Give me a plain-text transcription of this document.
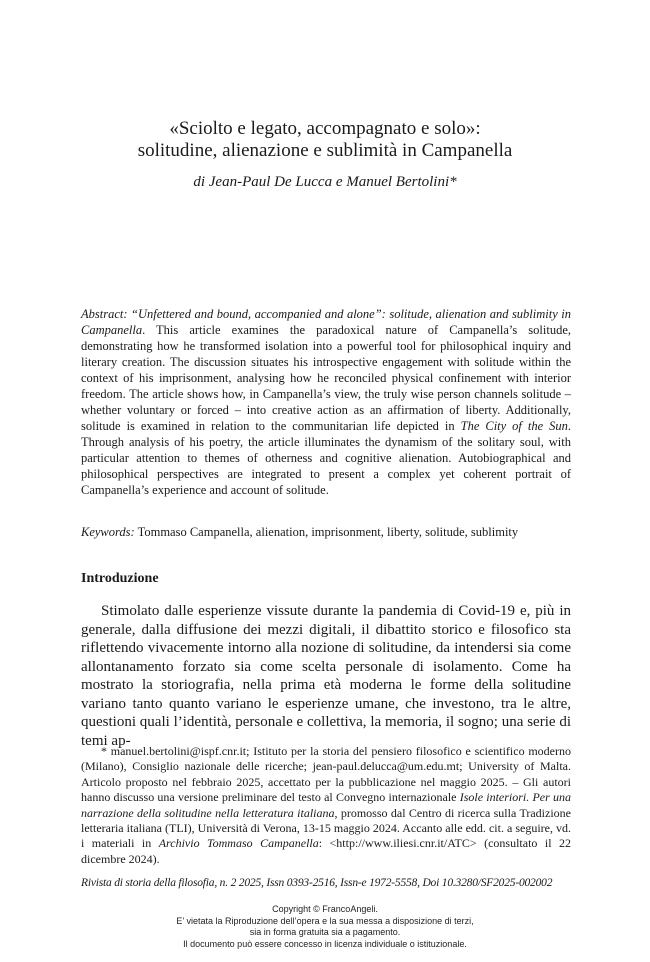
«Sciolto e legato, accompagnato e solo»:
solitudine, alienazione e sublimità in Campanella
di Jean-Paul De Lucca e Manuel Bertolini*

Abstract: “Unfettered and bound, accompanied and alone”: solitude, alienation and sublimity in Campanella. This article examines the paradoxical nature of Campanella’s solitude, demonstrating how he transformed isolation into a powerful tool for philosophical inquiry and literary creation. The discussion situates his introspective engagement with solitude within the context of his imprisonment, analysing how he reconciled physical confinement with interior freedom. The article shows how, in Campanella’s view, the truly wise person channels solitude – whether voluntary or forced – into creative action as an affirmation of liberty. Additionally, solitude is examined in relation to the communitarian life depicted in The City of the Sun. Through analysis of his poetry, the article illuminates the dynamism of the solitary soul, with particular attention to themes of otherness and cognitive alienation. Autobiographical and philosophical perspectives are integrated to present a complex yet coherent portrait of Campanella’s experience and account of solitude.

Keywords: Tommaso Campanella, alienation, imprisonment, liberty, solitude, sublimity
Introduzione

Stimolato dalle esperienze vissute durante la pandemia di Covid-19 e, più in generale, dalla diffusione dei mezzi digitali, il dibattito storico e filosofico sta riflettendo vivacemente intorno alla nozione di solitudine, da intendersi sia come allontanamento forzato sia come scelta personale di isolamento. Come ha mostrato la storiografia, nella prima età moderna le forme della solitudine variano tanto quanto variano le esperienze umane, che investono, tra le altre, questioni quali l’identità, personale e collettiva, la memoria, il sogno; una serie di temi ap-

* manuel.bertolini@ispf.cnr.it; Istituto per la storia del pensiero filosofico e scientifico moderno (Milano), Consiglio nazionale delle ricerche; jean-paul.delucca@um.edu.mt; University of Malta. Articolo proposto nel febbraio 2025, accettato per la pubblicazione nel maggio 2025. – Gli autori hanno discusso una versione preliminare del testo al Convegno internazionale Isole interiori. Per una narrazione della solitudine nella letteratura italiana, promosso dal Centro di ricerca sulla Tradizione letteraria italiana (TLI), Università di Verona, 13-15 maggio 2024. Accanto alle edd. cit. a seguire, vd. i materiali in Archivio Tommaso Campanella: <http://www.iliesi.cnr.it/ATC> (consultato il 22 dicembre 2024).

Rivista di storia della filosofia, n. 2 2025, Issn 0393-2516, Issn-e 1972-5558, Doi 10.3280/SF2025-002002
Copyright © FrancoAngeli.
E’ vietata la Riproduzione dell’opera e la sua messa a disposizione di terzi,
sia in forma gratuita sia a pagamento.
Il documento può essere concesso in licenza individuale o istituzionale.
